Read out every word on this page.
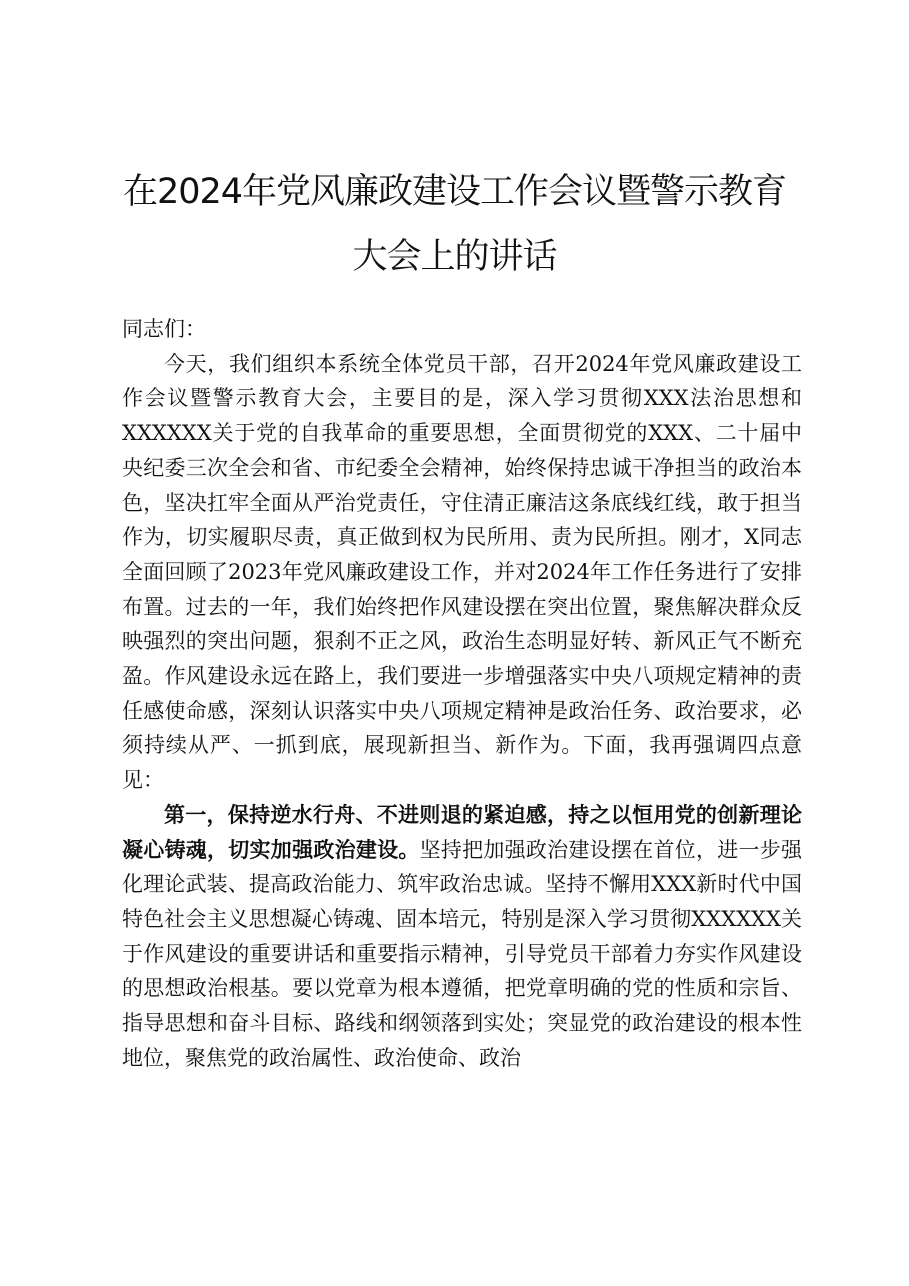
在2024年党风廉政建设工作会议暨警示教育
大会上的讲话

同志们：

今天，我们组织本系统全体党员干部，召开2024年党风廉政建设工作会议暨警示教育大会，主要目的是，深入学习贯彻XXX法治思想和XXXXXX关于党的自我革命的重要思想，全面贯彻党的XXX、二十届中央纪委三次全会和省、市纪委全会精神，始终保持忠诚干净担当的政治本色，坚决扛牢全面从严治党责任，守住清正廉洁这条底线红线，敢于担当作为，切实履职尽责，真正做到权为民所用、责为民所担。刚才，X同志全面回顾了2023年党风廉政建设工作，并对2024年工作任务进行了安排布置。过去的一年，我们始终把作风建设摆在突出位置，聚焦解决群众反映强烈的突出问题，狠刹不正之风，政治生态明显好转、新风正气不断充盈。作风建设永远在路上，我们要进一步增强落实中央八项规定精神的责任感使命感，深刻认识落实中央八项规定精神是政治任务、政治要求，必须持续从严、一抓到底，展现新担当、新作为。下面，我再强调四点意见：

第一，保持逆水行舟、不进则退的紧迫感，持之以恒用党的创新理论凝心铸魂，切实加强政治建设。坚持把加强政治建设摆在首位，进一步强化理论武装、提高政治能力、筑牢政治忠诚。坚持不懈用XXX新时代中国特色社会主义思想凝心铸魂、固本培元，特别是深入学习贯彻XXXXXX关于作风建设的重要讲话和重要指示精神，引导党员干部着力夯实作风建设的思想政治根基。要以党章为根本遵循，把党章明确的党的性质和宗旨、指导思想和奋斗目标、路线和纲领落到实处；突显党的政治建设的根本性地位，聚焦党的政治属性、政治使命、政治
